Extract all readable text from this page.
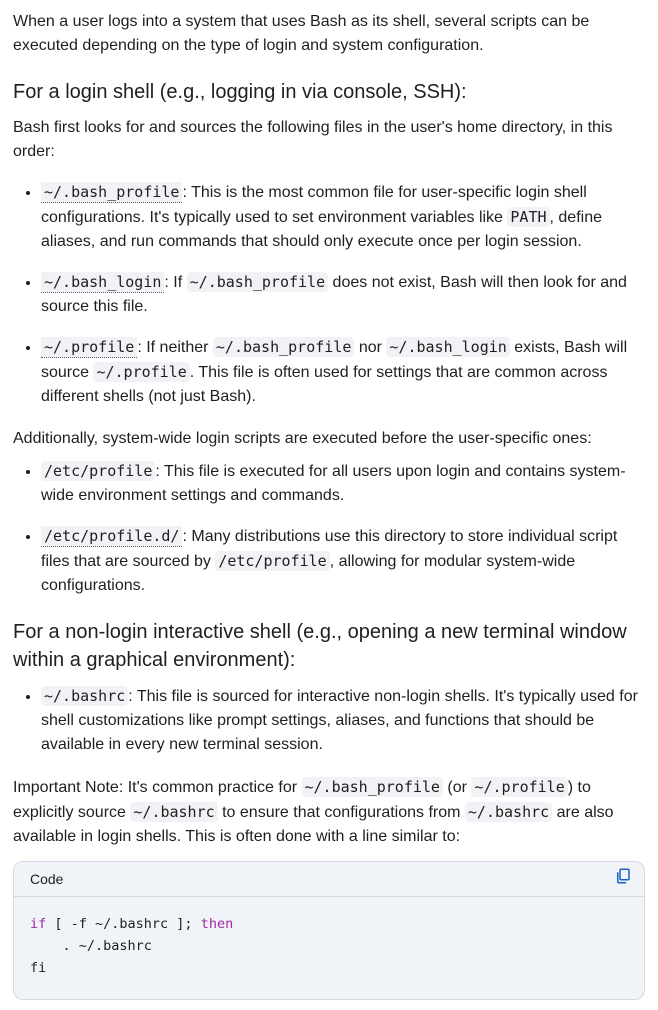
When a user logs into a system that uses Bash as its shell, several scripts can be executed depending on the type of login and system configuration.

For a login shell (e.g., logging in via console, SSH):

Bash first looks for and sources the following files in the user's home directory, in this order:

• ~/.bash_profile : This is the most common file for user-specific login shell configurations. It's typically used to set environment variables like PATH , define aliases, and run commands that should only execute once per login session.
• ~/.bash_login : If ~/.bash_profile does not exist, Bash will then look for and source this file.
• ~/.profile : If neither ~/.bash_profile nor ~/.bash_login exists, Bash will source ~/.profile . This file is often used for settings that are common across different shells (not just Bash).

Additionally, system-wide login scripts are executed before the user-specific ones:

• /etc/profile : This file is executed for all users upon login and contains system-wide environment settings and commands.
• /etc/profile.d/ : Many distributions use this directory to store individual script files that are sourced by /etc/profile , allowing for modular system-wide configurations.
For a non-login interactive shell (e.g., opening a new terminal window within a graphical environment):
• ~/.bashrc : This file is sourced for interactive non-login shells. It's typically used for shell customizations like prompt settings, aliases, and functions that should be available in every new terminal session.

Important Note: It's common practice for ~/.bash_profile (or ~/.profile ) to explicitly source ~/.bashrc to ensure that configurations from ~/.bashrc are also available in login shells. This is often done with a line similar to:

Code
if [ -f ~/.bashrc ]; then
. ~/.bashrc
fi
